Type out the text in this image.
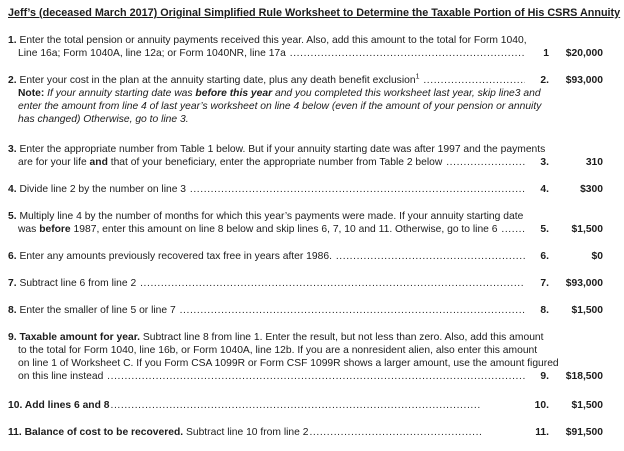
Jeff’s (deceased March 2017) Original Simplified Rule Worksheet to Determine the Taxable Portion of His CSRS Annuity
1. Enter the total pension or annuity payments received this year. Also, add this amount to the total for Form 1040,
Line 16a; Form 1040A, line 12a; or Form 1040NR, line 17a .....	1	$20,000
2. Enter your cost in the plan at the annuity starting date, plus any death benefit exclusion$^1$ .....	2.	$93,000
Note: If your annuity starting date was before this year and you completed this worksheet last year, skip line3 and
enter the amount from line 4 of last year’s worksheet on line 4 below (even if the amount of your pension or annuity
has changed) Otherwise, go to line 3.
3. Enter the appropriate number from Table 1 below. But if your annuity starting date was after 1997 and the payments
are for your life and that of your beneficiary, enter the appropriate number from Table 2 below .....	3.	310
4. Divide line 2 by the number on line 3 .....	4.	$300
5. Multiply line 4 by the number of months for which this year’s payments were made. If your annuity starting date
was before 1987, enter this amount on line 8 below and skip lines 6, 7, 10 and 11. Otherwise, go to line 6 .....	5.	$1,500
6. Enter any amounts previously recovered tax free in years after 1986. .....	6.	$0
7. Subtract line 6 from line 2 .....	7.	$93,000
8. Enter the smaller of line 5 or line 7 .....	8.	$1,500
9. Taxable amount for year. Subtract line 8 from line 1. Enter the result, but not less than zero. Also, add this amount
to the total for Form 1040, line 16b, or Form 1040A, line 12b. If you are a nonresident alien, also enter this amount
on line 1 of Worksheet C. If you Form CSA 1099R or Form CSF 1099R shows a larger amount, use the amount figured
on this line instead .....	9.	$18,500
10. Add lines 6 and 8 .....	10.	$1,500
11. Balance of cost to be recovered. Subtract line 10 from line 2 .....	11.	$91,500
